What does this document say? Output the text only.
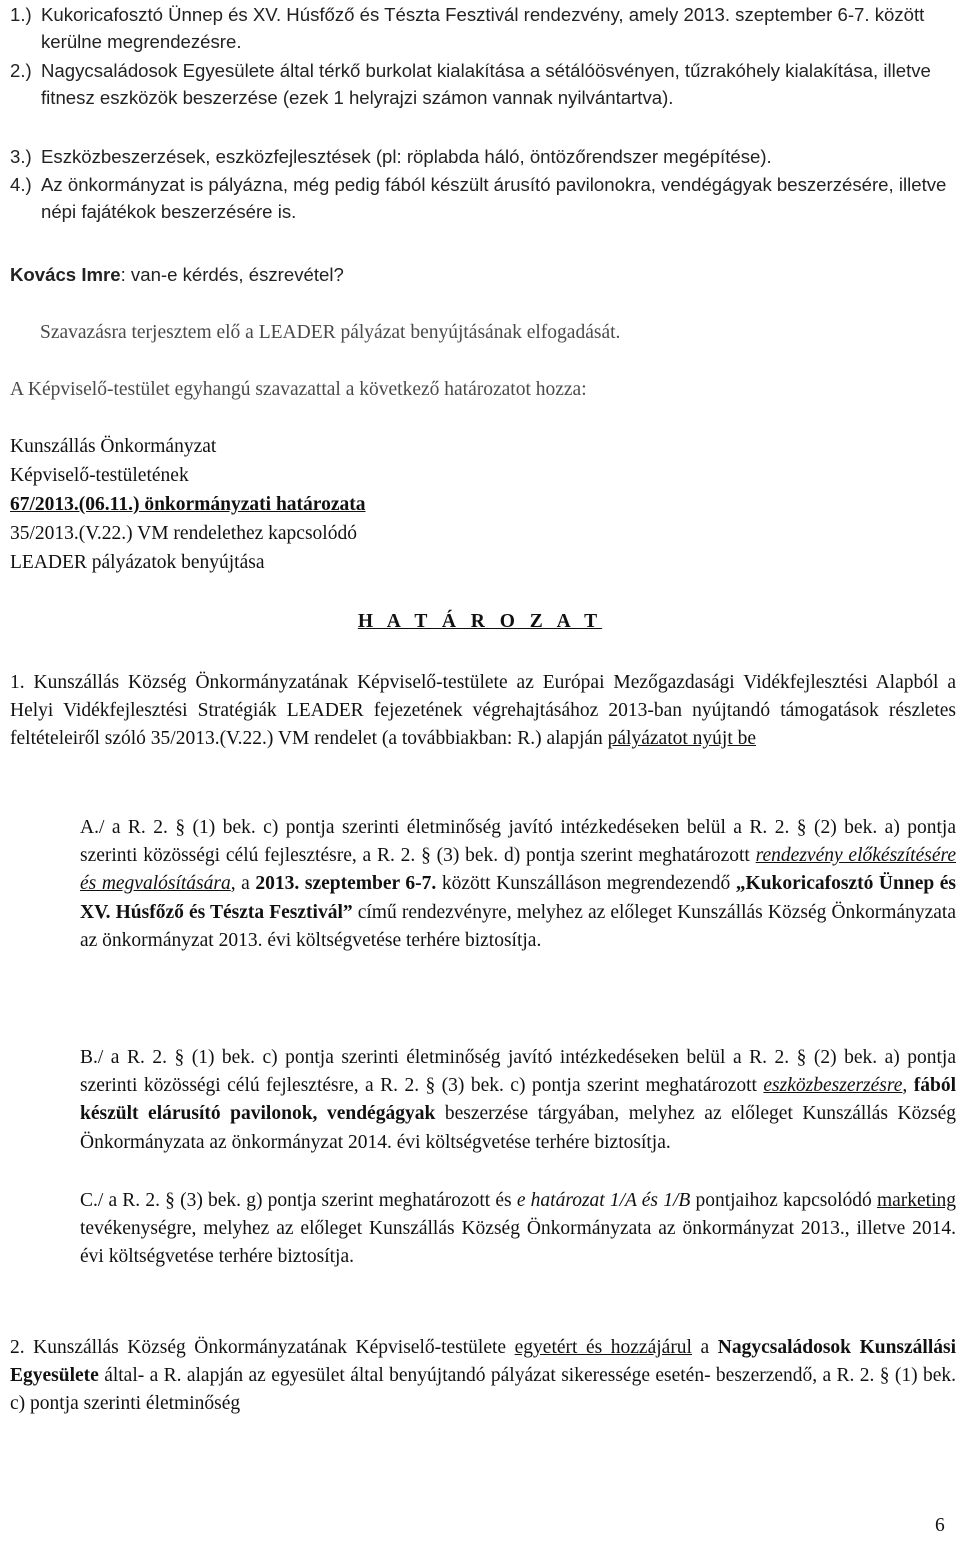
1.) Kukoricafosztó Ünnep és XV. Húsfőző és Tészta Fesztivál rendezvény, amely 2013. szeptember 6-7. között kerülne megrendezésre.
2.) Nagycsaládosok Egyesülete által térkő burkolat kialakítása a sétálóösvényen, tűzrakóhely kialakítása, illetve fitnesz eszközök beszerzése (ezek 1 helyrajzi számon vannak nyilvántartva).
3.) Eszközbeszerzések, eszközfejlesztések (pl: röplabda háló, öntözőrendszer megépítése).
4.) Az önkormányzat is pályázna, még pedig fából készült árusító pavilonokra, vendégágyak beszerzésére, illetve népi fajátékok beszerzésére is.

Kovács Imre: van-e kérdés, észrevétel?

Szavazásra terjesztem elő a LEADER pályázat benyújtásának elfogadását.

A Képviselő-testület egyhangú szavazattal a következő határozatot hozza:

Kunszállás Önkormányzat

Képviselő-testületének

67/2013.(06.11.) önkormányzati határozata

35/2013.(V.22.) VM rendelethez kapcsolódó

LEADER pályázatok benyújtása

H A T Á R O Z A T

1. Kunszállás Község Önkormányzatának Képviselő-testülete az Európai Mezőgazdasági Vidékfejlesztési Alapból a Helyi Vidékfejlesztési Stratégiák LEADER fejezetének végrehajtásához 2013-ban nyújtandó támogatások részletes feltételeiről szóló 35/2013.(V.22.) VM rendelet (a továbbiakban: R.) alapján pályázatot nyújt be

A./ a R. 2. § (1) bek. c) pontja szerinti életminőség javító intézkedéseken belül a R. 2. § (2) bek. a) pontja szerinti közösségi célú fejlesztésre, a R. 2. § (3) bek. d) pontja szerint meghatározott rendezvény előkészítésére és megvalósítására, a 2013. szeptember 6-7. között Kunszálláson megrendezendő „Kukoricafosztó Ünnep és XV. Húsfőző és Tészta Fesztivál” című rendezvényre, melyhez az előleget Kunszállás Község Önkormányzata az önkormányzat 2013. évi költségvetése terhére biztosítja.

B./ a R. 2. § (1) bek. c) pontja szerinti életminőség javító intézkedéseken belül a R. 2. § (2) bek. a) pontja szerinti közösségi célú fejlesztésre, a R. 2. § (3) bek. c) pontja szerint meghatározott eszközbeszerzésre, fából készült elárusító pavilonok, vendégágyak beszerzése tárgyában, melyhez az előleget Kunszállás Község Önkormányzata az önkormányzat 2014. évi költségvetése terhére biztosítja.

C./ a R. 2. § (3) bek. g) pontja szerint meghatározott és e határozat 1/A és 1/B pontjaihoz kapcsolódó marketing tevékenységre, melyhez az előleget Kunszállás Község Önkormányzata az önkormányzat 2013., illetve 2014. évi költségvetése terhére biztosítja.

2. Kunszállás Község Önkormányzatának Képviselő-testülete egyetért és hozzájárul a Nagycsaládosok Kunszállási Egyesülete által- a R. alapján az egyesület által benyújtandó pályázat sikeressége esetén- beszerzendő, a R. 2. § (1) bek. c) pontja szerinti életminőség

6
